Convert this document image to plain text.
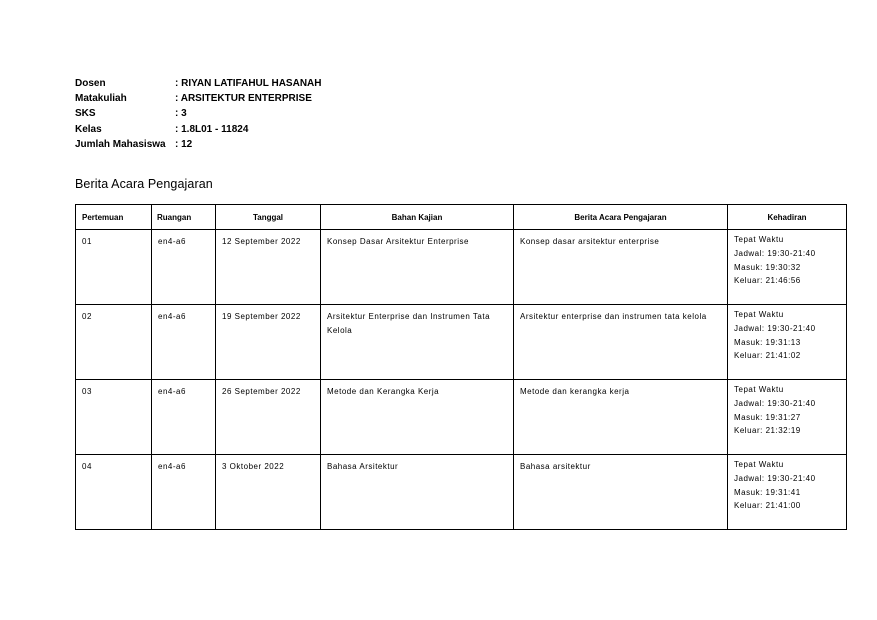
Dosen	: RIYAN LATIFAHUL HASANAH
Matakuliah	: ARSITEKTUR ENTERPRISE
SKS	: 3
Kelas	: 1.8L01 - 11824
Jumlah Mahasiswa : 12
Berita Acara Pengajaran
Pertemuan	Ruangan	Tanggal	Bahan Kajian	Berita Acara Pengajaran	Kehadiran
01	en4-a6	12 September 2022	Konsep Dasar Arsitektur Enterprise	Konsep dasar arsitektur enterprise	Tepat Waktu
Jadwal: 19:30-21:40
Masuk: 19:30:32
Keluar: 21:46:56

02	en4-a6	19 September 2022	Arsitektur Enterprise dan Instrumen Tata Kelola	Arsitektur enterprise dan instrumen tata kelola	Tepat Waktu
Jadwal: 19:30-21:40
Masuk: 19:31:13
Keluar: 21:41:02

03	en4-a6	26 September 2022	Metode dan Kerangka Kerja	Metode dan kerangka kerja	Tepat Waktu
Jadwal: 19:30-21:40
Masuk: 19:31:27
Keluar: 21:32:19

04	en4-a6	3 Oktober 2022	Bahasa Arsitektur	Bahasa arsitektur	Tepat Waktu
Jadwal: 19:30-21:40
Masuk: 19:31:41
Keluar: 21:41:00
